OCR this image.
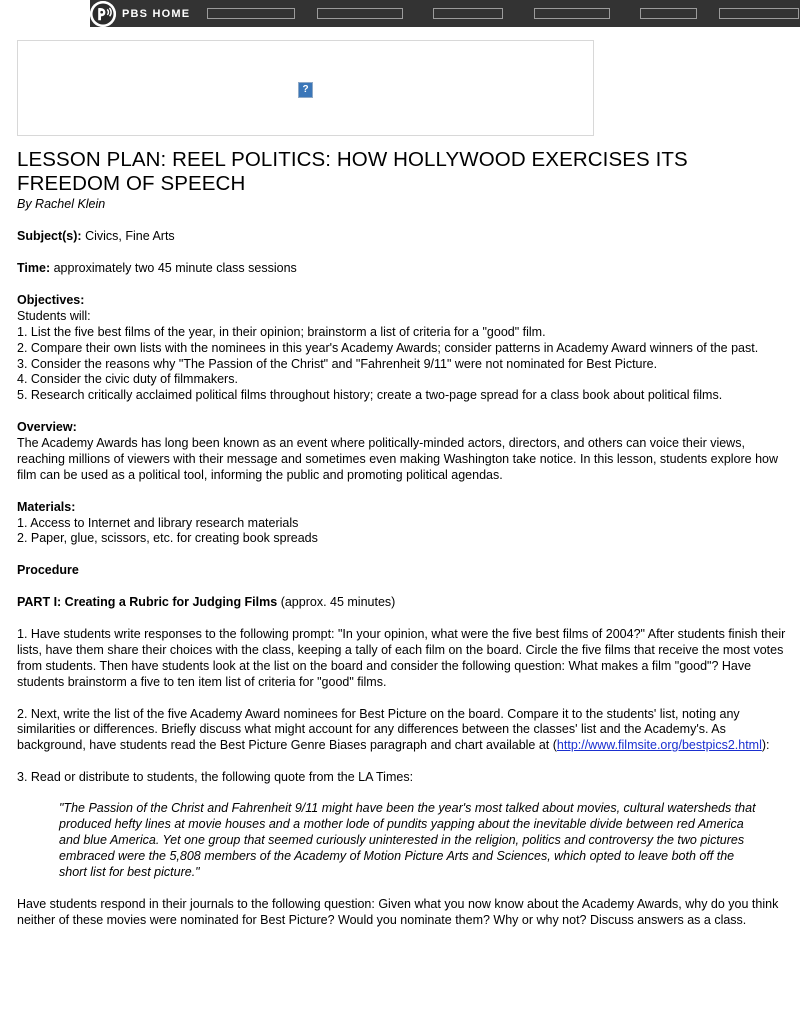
PBS HOME
?
LESSON PLAN: REEL POLITICS: HOW HOLLYWOOD EXERCISES ITS FREEDOM OF SPEECH

By Rachel Klein

Subject(s): Civics, Fine Arts

Time: approximately two 45 minute class sessions

Objectives:

Students will:

1. List the five best films of the year, in their opinion; brainstorm a list of criteria for a "good" film.

2. Compare their own lists with the nominees in this year's Academy Awards; consider patterns in Academy Award winners of the past.

3. Consider the reasons why "The Passion of the Christ" and "Fahrenheit 9/11" were not nominated for Best Picture.

4. Consider the civic duty of filmmakers.

5. Research critically acclaimed political films throughout history; create a two-page spread for a class book about political films.

Overview:

The Academy Awards has long been known as an event where politically-minded actors, directors, and others can voice their views, reaching millions of viewers with their message and sometimes even making Washington take notice. In this lesson, students explore how film can be used as a political tool, informing the public and promoting political agendas.

Materials:

1. Access to Internet and library research materials

2. Paper, glue, scissors, etc. for creating book spreads

Procedure

PART I: Creating a Rubric for Judging Films (approx. 45 minutes)

1. Have students write responses to the following prompt: "In your opinion, what were the five best films of 2004?" After students finish their lists, have them share their choices with the class, keeping a tally of each film on the board. Circle the five films that receive the most votes from students. Then have students look at the list on the board and consider the following question: What makes a film "good"? Have students brainstorm a five to ten item list of criteria for "good" films.

2. Next, write the list of the five Academy Award nominees for Best Picture on the board. Compare it to the students' list, noting any similarities or differences. Briefly discuss what might account for any differences between the classes' list and the Academy's. As background, have students read the Best Picture Genre Biases paragraph and chart available at (http://www.filmsite.org/bestpics2.html):

3. Read or distribute to students, the following quote from the LA Times:

"The Passion of the Christ and Fahrenheit 9/11 might have been the year's most talked about movies, cultural watersheds that produced hefty lines at movie houses and a mother lode of pundits yapping about the inevitable divide between red America and blue America. Yet one group that seemed curiously uninterested in the religion, politics and controversy the two pictures embraced were the 5,808 members of the Academy of Motion Picture Arts and Sciences, which opted to leave both off the short list for best picture."

Have students respond in their journals to the following question: Given what you now know about the Academy Awards, why do you think neither of these movies were nominated for Best Picture? Would you nominate them? Why or why not? Discuss answers as a class.
